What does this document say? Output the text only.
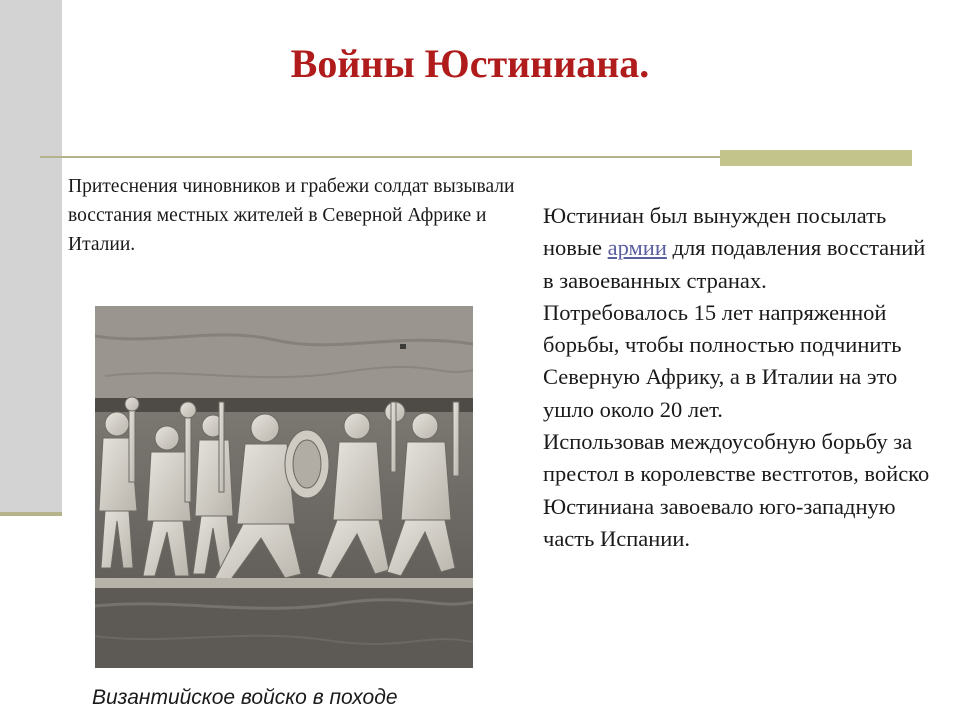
Войны Юстиниана.

Притеснения чиновников и грабежи солдат вызывали восстания местных жителей в Северной Африке и Италии.

Юстиниан был вынужден посылать новые армии для подавления восстаний в завоеванных странах.
Потребовалось 15 лет напряженной борьбы, чтобы полностью подчинить Северную Африку, а в Италии на это ушло около 20 лет.
Использовав междоусобную борьбу за престол в королевстве вестготов, войско Юстиниана завоевало юго-западную часть Испании.

Византийское войско в походе
